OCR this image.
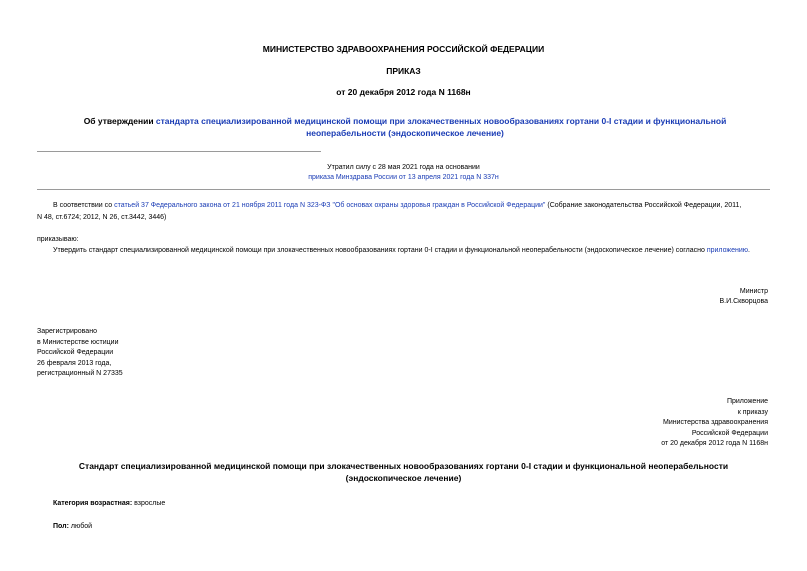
МИНИСТЕРСТВО ЗДРАВООХРАНЕНИЯ РОССИЙСКОЙ ФЕДЕРАЦИИ
ПРИКАЗ
от 20 декабря 2012 года N 1168н
Об утверждении стандарта специализированной медицинской помощи при злокачественных новообразованиях гортани 0-I стадии и функциональной неоперабельности (эндоскопическое лечение)
Утратил силу с 28 мая 2021 года на основании
приказа Минздрава России от 13 апреля 2021 года N 337н
В соответствии со статьей 37 Федерального закона от 21 ноября 2011 года N 323-ФЗ "Об основах охраны здоровья граждан в Российской Федерации" (Собрание законодательства Российской Федерации, 2011,
N 48, ст.6724; 2012, N 26, ст.3442, 3446)
приказываю:
Утвердить стандарт специализированной медицинской помощи при злокачественных новообразованиях гортани 0-I стадии и функциональной неоперабельности (эндоскопическое лечение) согласно приложению.
Министр
В.И.Скворцова
Зарегистрировано
в Министерстве юстиции
Российской Федерации
26 февраля 2013 года,
регистрационный N 27335
Приложение
к приказу
Министерства здравоохранения
Российской Федерации
от 20 декабря 2012 года N 1168н
Стандарт специализированной медицинской помощи при злокачественных новообразованиях гортани 0-I стадии и функциональной неоперабельности
(эндоскопическое лечение)
Категория возрастная: взрослые
Пол: любой
